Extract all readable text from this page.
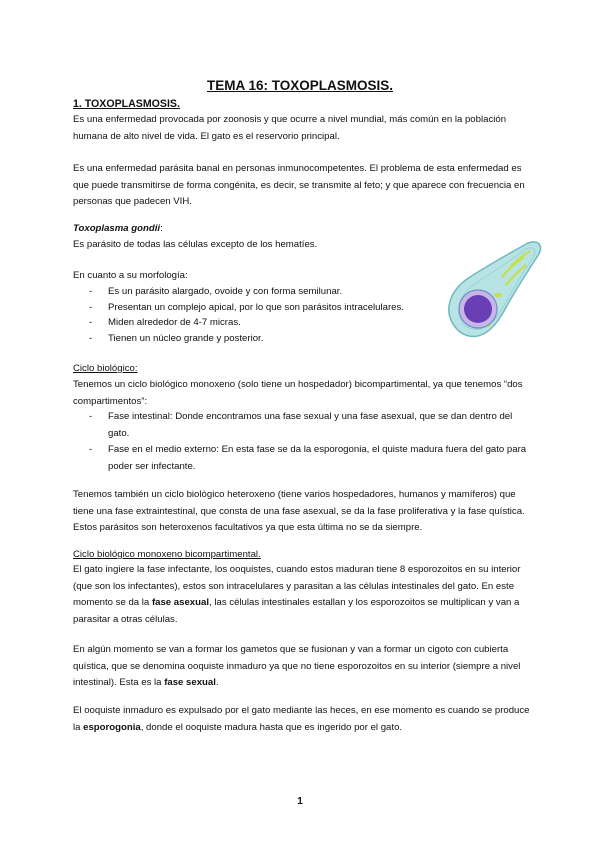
TEMA 16: TOXOPLASMOSIS.
1. TOXOPLASMOSIS.

Es una enfermedad provocada por zoonosis y que ocurre a nivel mundial, más común en la población humana de alto nivel de vida. El gato es el reservorio principal.

Es una enfermedad parásita banal en personas inmunocompetentes. El problema de esta enfermedad es que puede transmitirse de forma congénita, es decir, se transmite al feto; y que aparece con frecuencia en personas que padecen VIH.

Toxoplasma gondii:

Es parásito de todas las células excepto de los hematíes.

En cuanto a su morfología:

- Es un parásito alargado, ovoide y con forma semilunar.
- Presentan un complejo apical, por lo que son parásitos intracelulares.
- Miden alrededor de 4-7 micras.
- Tienen un núcleo grande y posterior.

Ciclo biológico:

Tenemos un ciclo biológico monoxeno (solo tiene un hospedador) bicompartimental, ya que tenemos “dos compartimentos”:

- Fase intestinal: Donde encontramos una fase sexual y una fase asexual, que se dan dentro del gato.
- Fase en el medio externo: En esta fase se da la esporogonia, el quiste madura fuera del gato para poder ser infectante.

Tenemos también un ciclo biológico heteroxeno (tiene varios hospedadores, humanos y mamíferos) que tiene una fase extraintestinal, que consta de una fase asexual, se da la fase proliferativa y la fase quística. Estos parásitos son heteroxenos facultativos ya que esta última no se da siempre.

Ciclo biológico monoxeno bicompartimental.

El gato ingiere la fase infectante, los ooquistes, cuando estos maduran tiene 8 esporozoitos en su interior (que son los infectantes), estos son intracelulares y parasitan a las células intestinales del gato. En este momento se da la fase asexual, las células intestinales estallan y los esporozoitos se multiplican y van a parasitar a otras células.

En algún momento se van a formar los gametos que se fusionan y van a formar un cigoto con cubierta quística, que se denomina ooquiste inmaduro ya que no tiene esporozoitos en su interior (siempre a nivel intestinal). Esta es la fase sexual.

El ooquiste inmaduro es expulsado por el gato mediante las heces, en ese momento es cuando se produce la esporogonia, donde el ooquiste madura hasta que es ingerido por el gato.

1
